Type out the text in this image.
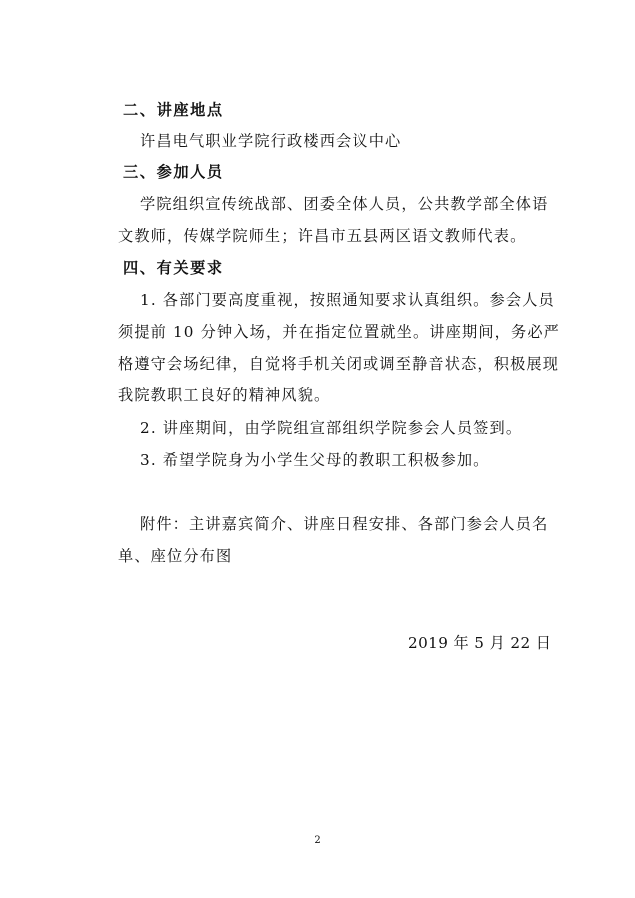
二、讲座地点
许昌电气职业学院行政楼西会议中心
三、参加人员
学院组织宣传统战部、团委全体人员，公共教学部全体语
文教师，传媒学院师生；许昌市五县两区语文教师代表。
四、有关要求
1. 各部门要高度重视，按照通知要求认真组织。参会人员
须提前 10 分钟入场，并在指定位置就坐。讲座期间，务必严
格遵守会场纪律，自觉将手机关闭或调至静音状态，积极展现
我院教职工良好的精神风貌。
2. 讲座期间，由学院组宣部组织学院参会人员签到。
3. 希望学院身为小学生父母的教职工积极参加。
附件：主讲嘉宾简介、讲座日程安排、各部门参会人员名
单、座位分布图
2019 年 5 月 22 日
2
